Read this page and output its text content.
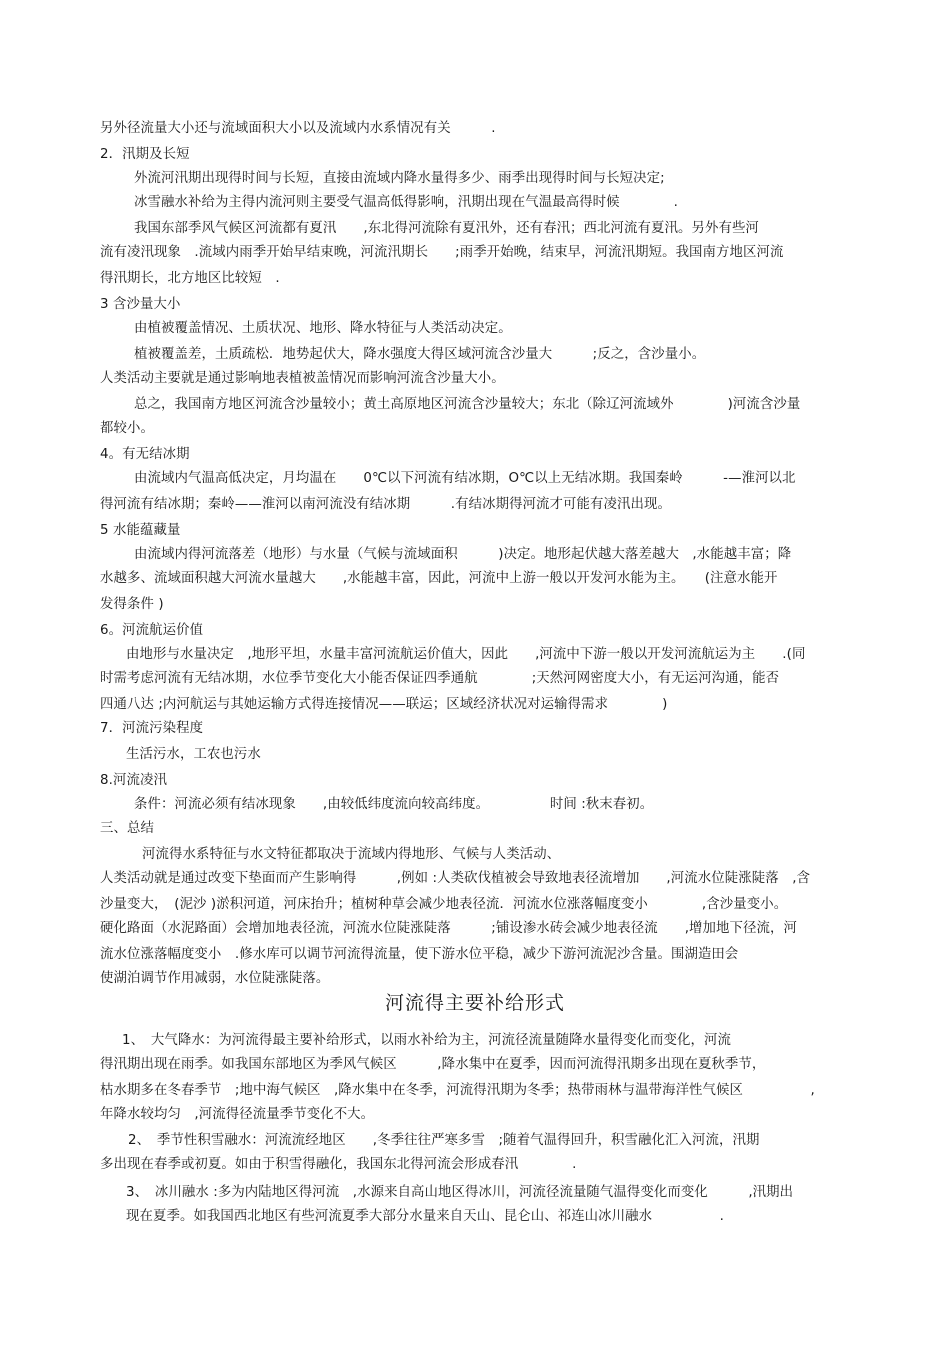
另外径流量大小还与流域面积大小以及流域内水系情况有关　　　.
2．汛期及长短
外流河汛期出现得时间与长短，直接由流域内降水量得多少、雨季出现得时间与长短决定;
冰雪融水补给为主得内流河则主要受气温高低得影响，汛期出现在气温最高得时候　　　　.
我国东部季风气候区河流都有夏汛　　,东北得河流除有夏汛外，还有春汛；西北河流有夏汛。另外有些河
流有凌汛现象　.流域内雨季开始早结束晚，河流汛期长　　;雨季开始晚，结束早，河流汛期短。我国南方地区河流
得汛期长，北方地区比较短　.
3 含沙量大小
由植被覆盖情况、土质状况、地形、降水特征与人类活动决定。
植被覆盖差，土质疏松．地势起伏大，降水强度大得区域河流含沙量大　　　;反之，含沙量小。
人类活动主要就是通过影响地表植被盖情况而影响河流含沙量大小。
总之，我国南方地区河流含沙量较小；黄土高原地区河流含沙量较大；东北（除辽河流域外　　　　)河流含沙量
都较小。
4。有无结冰期
由流域内气温高低决定，月均温在　　0℃以下河流有结冰期，O℃以上无结冰期。我国秦岭　　　-—淮河以北
得河流有结冰期；秦岭——淮河以南河流没有结冰期　　　.有结冰期得河流才可能有凌汛出现。
5 水能蕴藏量
由流域内得河流落差（地形）与水量（气候与流域面积　　　)决定。地形起伏越大落差越大　,水能越丰富；降
水越多、流域面积越大河流水量越大　　,水能越丰富，因此，河流中上游一般以开发河水能为主。　　(注意水能开
发得条件 )
6。河流航运价值
由地形与水量决定　,地形平坦，水量丰富河流航运价值大，因此　　,河流中下游一般以开发河流航运为主　　.(同
时需考虑河流有无结冰期，水位季节变化大小能否保证四季通航　　　　;天然河网密度大小，有无运河沟通，能否
四通八达 ;内河航运与其她运输方式得连接情况——联运；区域经济状况对运输得需求　　　　)
7．河流污染程度
生活污水，工农也污水
8.河流凌汛
条件：河流必须有结冰现象　　,由较低纬度流向较高纬度。　　　　　时间 :秋末春初。
三、总结
河流得水系特征与水文特征都取决于流域内得地形、气候与人类活动、
人类活动就是通过改变下垫面而产生影响得　　　,例如 :人类砍伐植被会导致地表径流增加　　,河流水位陡涨陡落　,含
沙量变大，　(泥沙 )淤积河道，河床抬升；植树种草会减少地表径流．河流水位涨落幅度变小　　　　,含沙量变小。
硬化路面（水泥路面）会增加地表径流，河流水位陡涨陡落　　　;铺设渗水砖会减少地表径流　　,增加地下径流，河
流水位涨落幅度变小　.修水库可以调节河流得流量，使下游水位平稳，减少下游河流泥沙含量。围湖造田会
使湖泊调节作用减弱，水位陡涨陡落。
河流得主要补给形式
1、　大气降水：为河流得最主要补给形式，以雨水补给为主，河流径流量随降水量得变化而变化，河流
得汛期出现在雨季。如我国东部地区为季风气候区　　　,降水集中在夏季，因而河流得汛期多出现在夏秋季节，
枯水期多在冬春季节　;地中海气候区　,降水集中在冬季，河流得汛期为冬季；热带雨林与温带海洋性气候区　　　　　,
年降水较均匀　,河流得径流量季节变化不大。
2、　季节性积雪融水：河流流经地区　　,冬季往往严寒多雪　;随着气温得回升，积雪融化汇入河流，汛期
多出现在春季或初夏。如由于积雪得融化，我国东北得河流会形成春汛　　　　.
3、　冰川融水 :多为内陆地区得河流　,水源来自高山地区得冰川，河流径流量随气温得变化而变化　　　,汛期出
现在夏季。如我国西北地区有些河流夏季大部分水量来自天山、昆仑山、祁连山冰川融水　　　　　.
